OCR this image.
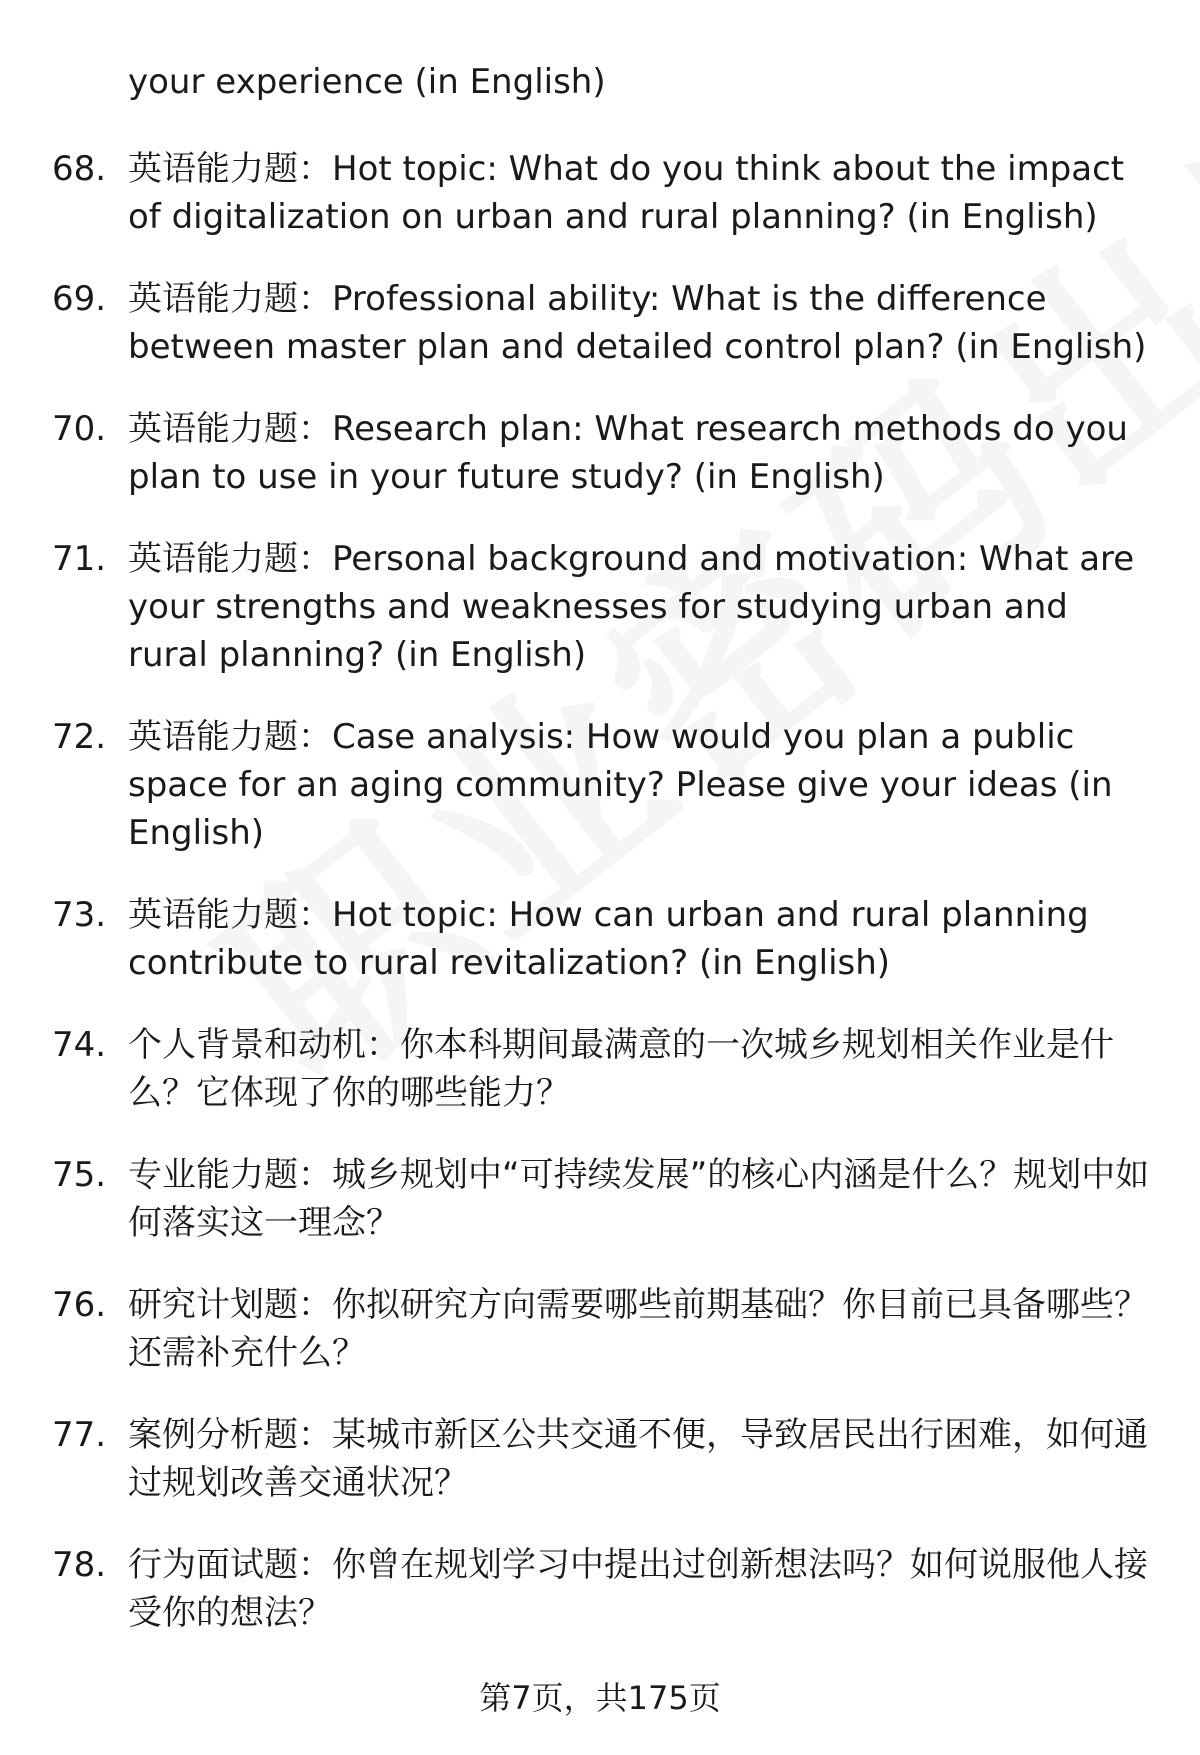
your experience (in English)
68. 英语能力题：Hot topic: What do you think about the impact of digitalization on urban and rural planning? (in English)
69. 英语能力题：Professional ability: What is the difference between master plan and detailed control plan? (in English)
70. 英语能力题：Research plan: What research methods do you plan to use in your future study? (in English)
71. 英语能力题：Personal background and motivation: What are your strengths and weaknesses for studying urban and rural planning? (in English)
72. 英语能力题：Case analysis: How would you plan a public space for an aging community? Please give your ideas (in English)
73. 英语能力题：Hot topic: How can urban and rural planning contribute to rural revitalization? (in English)
74. 个人背景和动机：你本科期间最满意的一次城乡规划相关作业是什么？它体现了你的哪些能力？
75. 专业能力题：城乡规划中“可持续发展”的核心内涵是什么？规划中如何落实这一理念？
76. 研究计划题：你拟研究方向需要哪些前期基础？你目前已具备哪些？还需补充什么？
77. 案例分析题：某城市新区公共交通不便，导致居民出行困难，如何通过规划改善交通状况？
78. 行为面试题：你曾在规划学习中提出过创新想法吗？如何说服他人接受你的想法？
第7页，共175页
